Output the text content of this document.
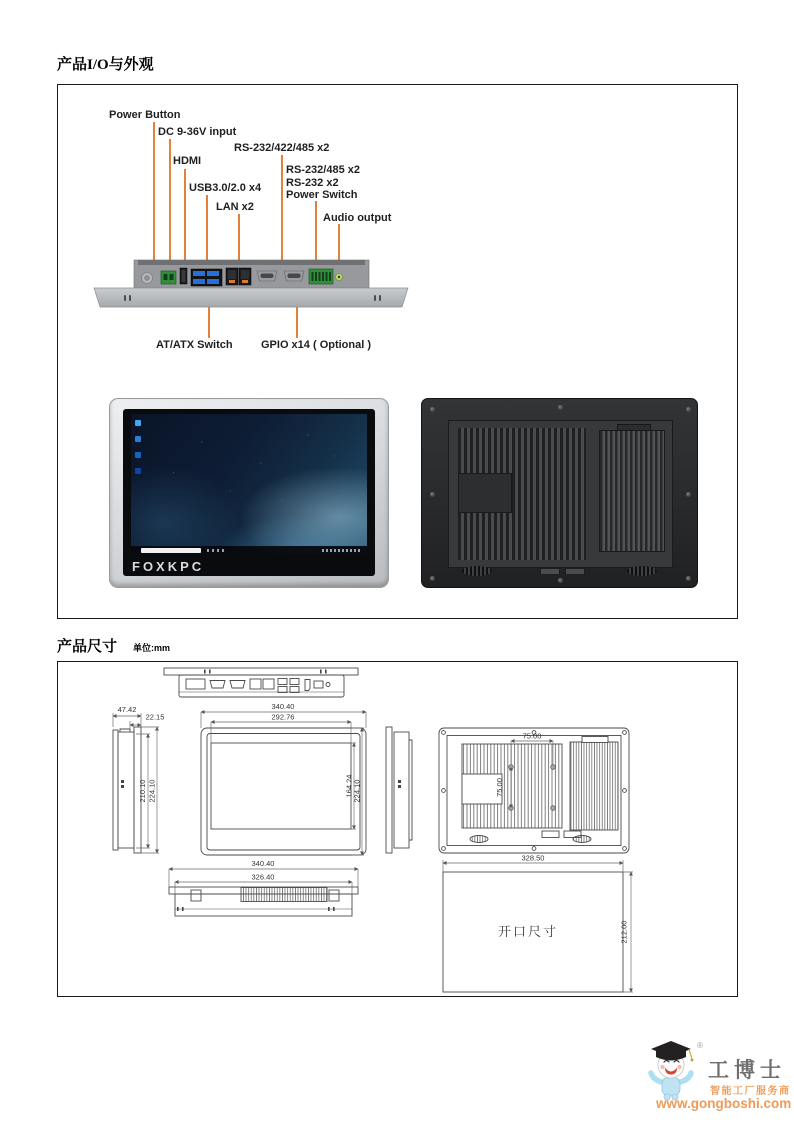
产品I/O与外观
Power Button
DC 9-36V input
RS-232/422/485 x2
HDMI
RS-232/485 x2
RS-232 x2
Power Switch
USB3.0/2.0 x4
LAN x2
Audio output
AT/ATX Switch	GPIO x14 ( Optional )
FOXKPC
产品尺寸 单位:mm
47.42
22.15
210.10 224.10
340.40
292.76
164.24 224.10
75.00
75.00
328.50
340.40
326.40
212.00
开口尺寸
®
工博士
智能工厂服务商
www.gongboshi.com
